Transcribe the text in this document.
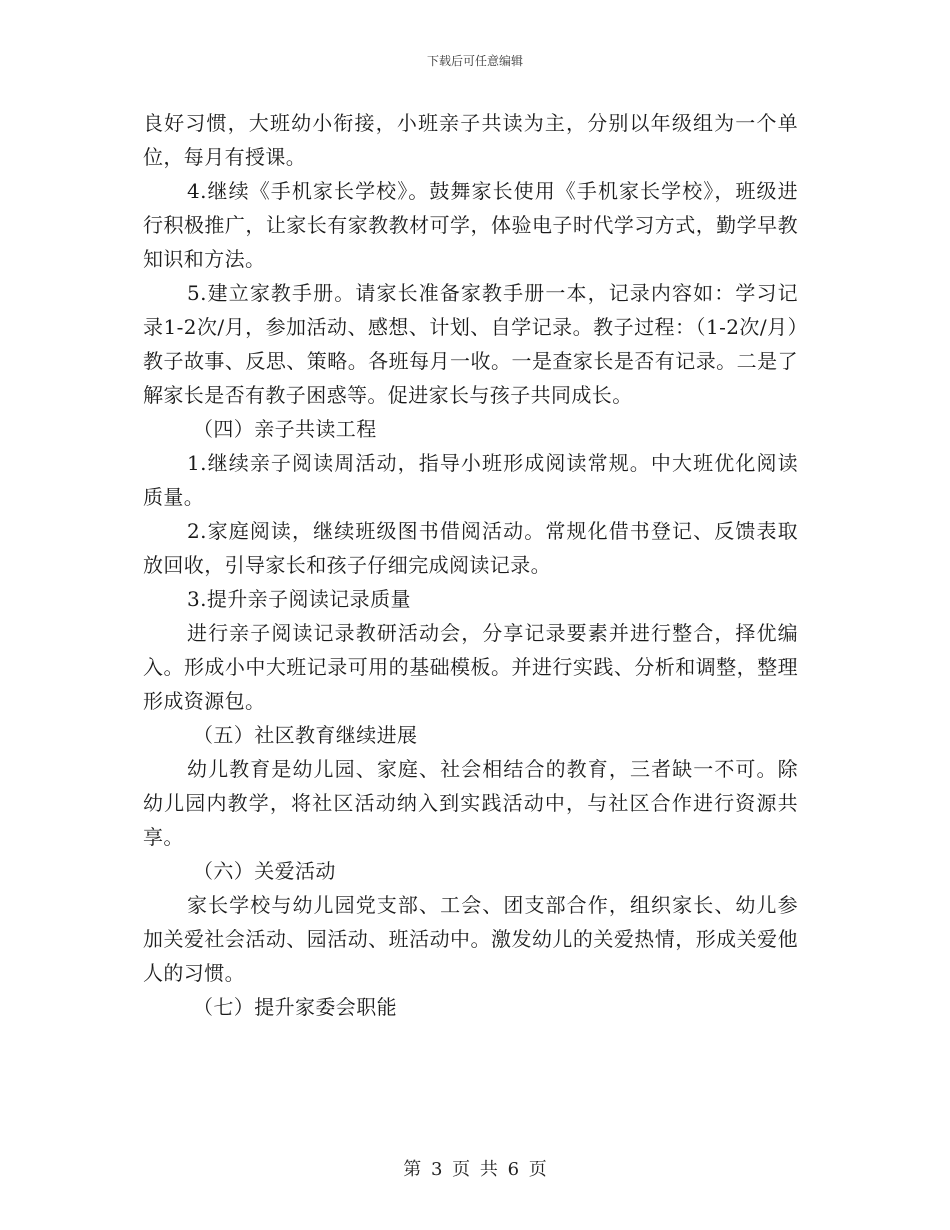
下载后可任意编辑

良好习惯，大班幼小衔接，小班亲子共读为主，分别以年级组为一个单位，每月有授课。

4.继续《手机家长学校》。鼓舞家长使用《手机家长学校》，班级进行积极推广，让家长有家教教材可学，体验电子时代学习方式，勤学早教知识和方法。

5.建立家教手册。请家长准备家教手册一本，记录内容如：学习记录1-2次/月，参加活动、感想、计划、自学记录。教子过程：（1-2次/月）教子故事、反思、策略。各班每月一收。一是查家长是否有记录。二是了解家长是否有教子困惑等。促进家长与孩子共同成长。

（四）亲子共读工程

1.继续亲子阅读周活动，指导小班形成阅读常规。中大班优化阅读质量。

2.家庭阅读，继续班级图书借阅活动。常规化借书登记、反馈表取放回收，引导家长和孩子仔细完成阅读记录。

3.提升亲子阅读记录质量

进行亲子阅读记录教研活动会，分享记录要素并进行整合，择优编入。形成小中大班记录可用的基础模板。并进行实践、分析和调整，整理形成资源包。

（五）社区教育继续进展

幼儿教育是幼儿园、家庭、社会相结合的教育，三者缺一不可。除幼儿园内教学，将社区活动纳入到实践活动中，与社区合作进行资源共享。

（六）关爱活动

家长学校与幼儿园党支部、工会、团支部合作，组织家长、幼儿参加关爱社会活动、园活动、班活动中。激发幼儿的关爱热情，形成关爱他人的习惯。

（七）提升家委会职能

第 3 页 共 6 页
